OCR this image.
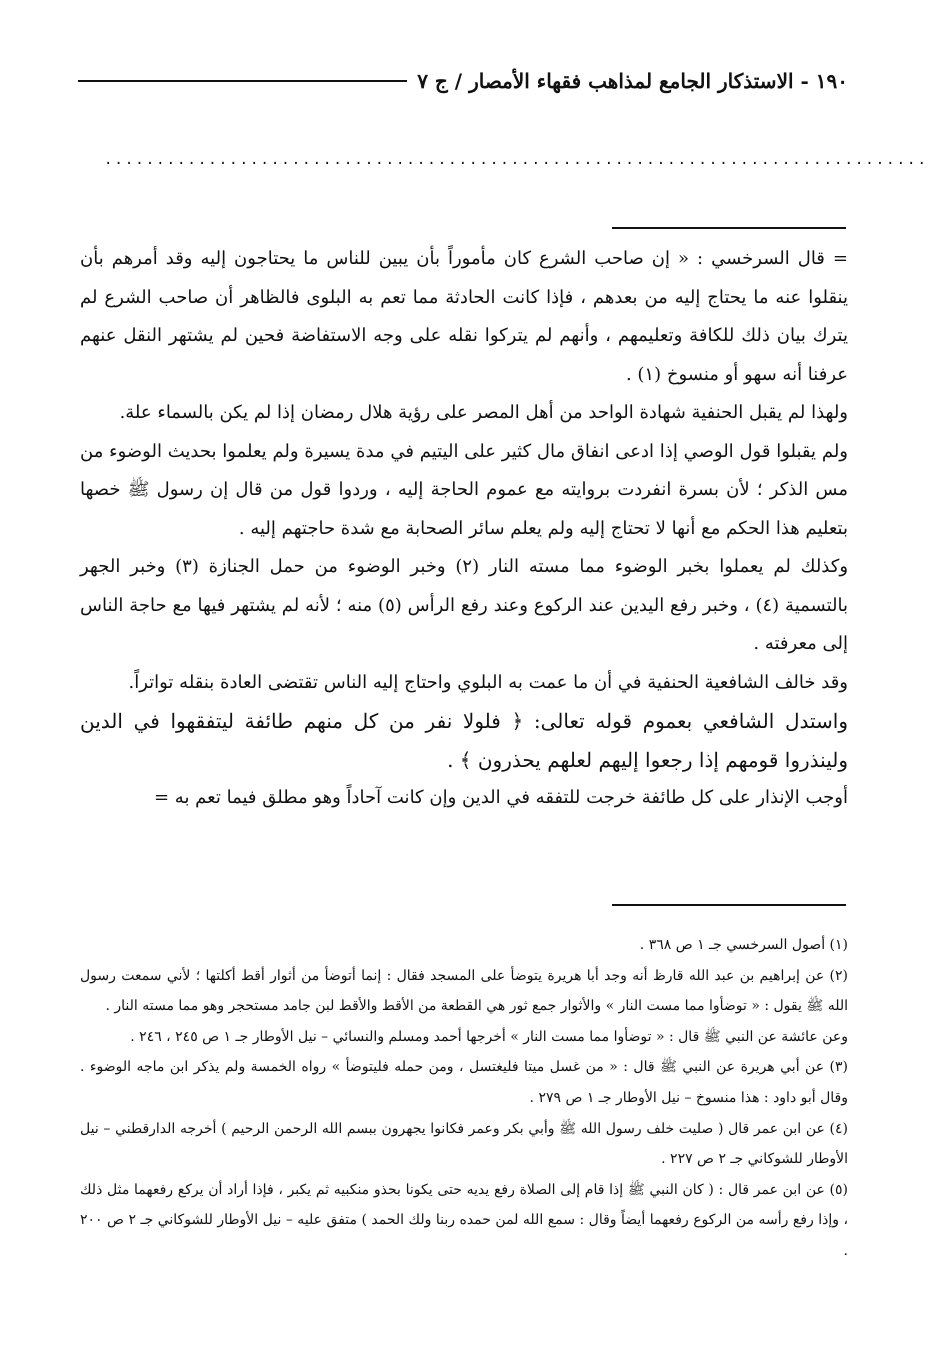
١٩٠ - الاستذكار الجامع لمذاهب فقهاء الأمصار / ج ٧
...............................................................................

= قال السرخسي : « إن صاحب الشرع كان مأموراً بأن يبين للناس ما يحتاجون إليه وقد أمرهم بأن ينقلوا عنه ما يحتاج إليه من بعدهم ، فإذا كانت الحادثة مما تعم به البلوى فالظاهر أن صاحب الشرع لم يترك بيان ذلك للكافة وتعليمهم ، وأنهم لم يتركوا نقله على وجه الاستفاضة فحين لم يشتهر النقل عنهم عرفنا أنه سهو أو منسوخ (١) .

ولهذا لم يقبل الحنفية شهادة الواحد من أهل المصر على رؤية هلال رمضان إذا لم يكن بالسماء علة.

ولم يقبلوا قول الوصي إذا ادعى انفاق مال كثير على اليتيم في مدة يسيرة ولم يعلموا بحديث الوضوء من مس الذكر ؛ لأن بسرة انفردت بروايته مع عموم الحاجة إليه ، وردوا قول من قال إن رسول ﷺ خصها بتعليم هذا الحكم مع أنها لا تحتاج إليه ولم يعلم سائر الصحابة مع شدة حاجتهم إليه .

وكذلك لم يعملوا بخبر الوضوء مما مسته النار (٢) وخبر الوضوء من حمل الجنازة (٣) وخبر الجهر بالتسمية (٤) ، وخبر رفع اليدين عند الركوع وعند رفع الرأس (٥) منه ؛ لأنه لم يشتهر فيها مع حاجة الناس إلى معرفته .

وقد خالف الشافعية الحنفية في أن ما عمت به البلوي واحتاج إليه الناس تقتضى العادة بنقله تواتراً.

واستدل الشافعي بعموم قوله تعالى: ﴿ فلولا نفر من كل منهم طائفة ليتفقهوا في الدين ولينذروا قومهم إذا رجعوا إليهم لعلهم يحذرون ﴾ .

أوجب الإنذار على كل طائفة خرجت للتفقه في الدين وإن كانت آحاداً وهو مطلق فيما تعم به =

(١) أصول السرخسي جـ ١ ص ٣٦٨ .

(٢) عن إبراهيم بن عبد الله قارظ أنه وجد أبا هريرة يتوضأ على المسجد فقال : إنما أتوضأ من أثوار أقط أكلتها ؛ لأني سمعت رسول الله ﷺ يقول : « توضأوا مما مست النار » والأثوار جمع ثور هي القطعة من الأقط والأقط لبن جامد مستحجر وهو مما مسته النار .

وعن عائشة عن النبي ﷺ قال : « توضأوا مما مست النار » أخرجها أحمد ومسلم والنسائي – نيل الأوطار جـ ١ ص ٢٤٥ ، ٢٤٦ .

(٣) عن أبي هريرة عن النبي ﷺ قال : « من غسل ميتا فليغتسل ، ومن حمله فليتوضأ » رواه الخمسة ولم يذكر ابن ماجه الوضوء . وقال أبو داود : هذا منسوخ – نيل الأوطار جـ ١ ص ٢٧٩ .

(٤) عن ابن عمر قال ( صليت خلف رسول الله ﷺ وأبي بكر وعمر فكانوا يجهرون ببسم الله الرحمن الرحيم ) أخرجه الدارقطني – نيل الأوطار للشوكاني جـ ٢ ص ٢٢٧ .

(٥) عن ابن عمر قال : ( كان النبي ﷺ إذا قام إلى الصلاة رفع يديه حتى يكونا بحذو منكبيه ثم يكبر ، فإذا أراد أن يركع رفعهما مثل ذلك ، وإذا رفع رأسه من الركوع رفعهما أيضاً وقال : سمع الله لمن حمده ربنا ولك الحمد ) متفق عليه – نيل الأوطار للشوكاني جـ ٢ ص ٢٠٠ .
